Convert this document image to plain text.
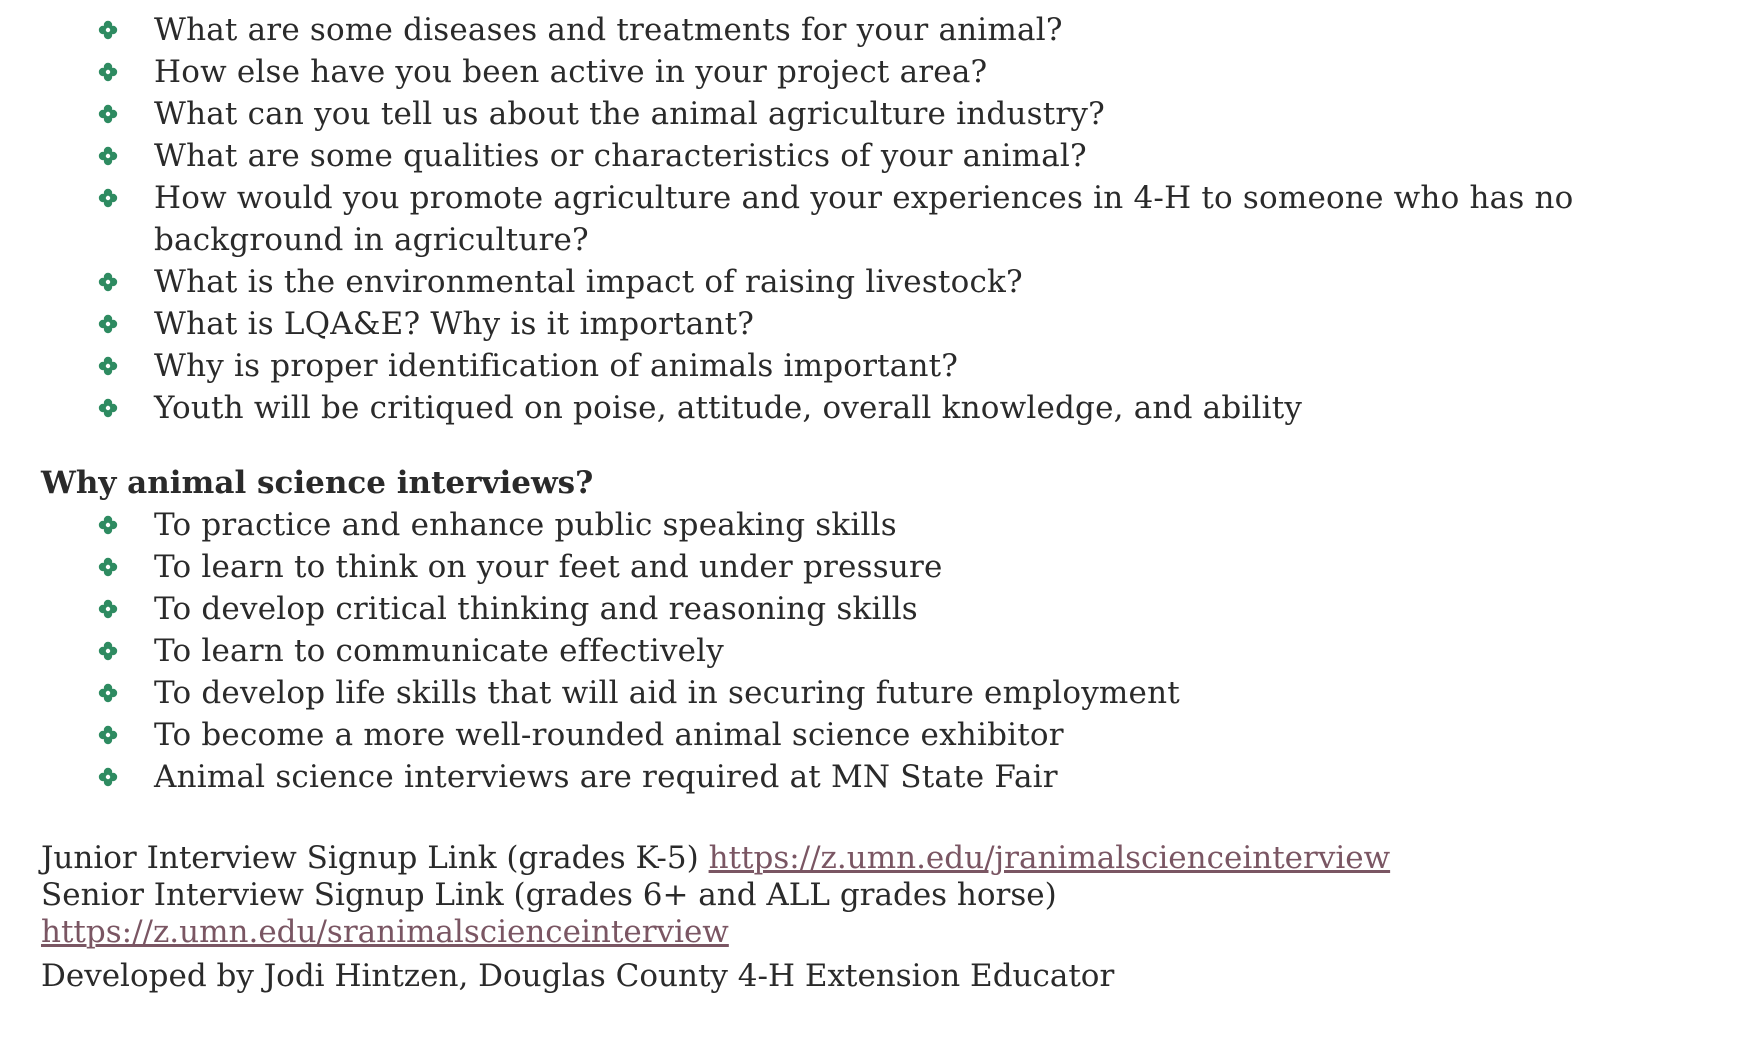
What are some diseases and treatments for your animal?
How else have you been active in your project area?
What can you tell us about the animal agriculture industry?
What are some qualities or characteristics of your animal?
How would you promote agriculture and your experiences in 4-H to someone who has no background in agriculture?
What is the environmental impact of raising livestock?
What is LQA&E? Why is it important?
Why is proper identification of animals important?
Youth will be critiqued on poise, attitude, overall knowledge, and ability
Why animal science interviews?
To practice and enhance public speaking skills
To learn to think on your feet and under pressure
To develop critical thinking and reasoning skills
To learn to communicate effectively
To develop life skills that will aid in securing future employment
To become a more well-rounded animal science exhibitor
Animal science interviews are required at MN State Fair
Junior Interview Signup Link (grades K-5) https://z.umn.edu/jranimalscienceinterview
Senior Interview Signup Link (grades 6+ and ALL grades horse) https://z.umn.edu/sranimalscienceinterview
Developed by Jodi Hintzen, Douglas County 4-H Extension Educator
